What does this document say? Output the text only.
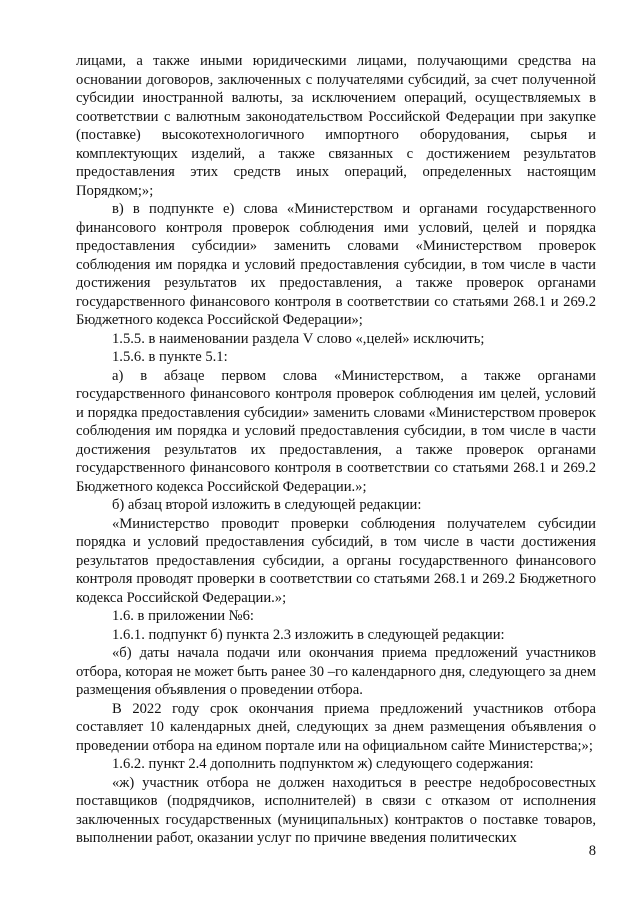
лицами, а также иными юридическими лицами, получающими средства на основании договоров, заключенных с получателями субсидий, за счет полученной субсидии иностранной валюты, за исключением операций, осуществляемых в соответствии с валютным законодательством Российской Федерации при закупке (поставке) высокотехнологичного импортного оборудования, сырья и комплектующих изделий, а также связанных с достижением результатов предоставления этих средств иных операций, определенных настоящим Порядком;»;

в) в подпункте е) слова «Министерством и органами государственного финансового контроля проверок соблюдения ими условий, целей и порядка предоставления субсидии» заменить словами «Министерством проверок соблюдения им порядка и условий предоставления субсидии, в том числе в части достижения результатов их предоставления, а также проверок органами государственного финансового контроля в соответствии со статьями 268.1 и 269.2 Бюджетного кодекса Российской Федерации»;

1.5.5. в наименовании раздела V слово «,целей» исключить;

1.5.6. в пункте 5.1:

а) в абзаце первом слова «Министерством, а также органами государственного финансового контроля проверок соблюдения им целей, условий и порядка предоставления субсидии» заменить словами «Министерством проверок соблюдения им порядка и условий предоставления субсидии, в том числе в части достижения результатов их предоставления, а также проверок органами государственного финансового контроля в соответствии со статьями 268.1 и 269.2 Бюджетного кодекса Российской Федерации.»;

б) абзац второй изложить в следующей редакции:

«Министерство проводит проверки соблюдения получателем субсидии порядка и условий предоставления субсидий, в том числе в части достижения результатов предоставления субсидии, а органы государственного финансового контроля проводят проверки в соответствии со статьями 268.1 и 269.2 Бюджетного кодекса Российской Федерации.»;

1.6. в приложении №6:

1.6.1. подпункт б) пункта 2.3 изложить в следующей редакции:

«б) даты начала подачи или окончания приема предложений участников отбора, которая не может быть ранее 30 –го календарного дня, следующего за днем размещения объявления о проведении отбора.

В 2022 году срок окончания приема предложений участников отбора составляет 10 календарных дней, следующих за днем размещения объявления о проведении отбора на едином портале или на официальном сайте Министерства;»;

1.6.2. пункт 2.4 дополнить подпунктом ж) следующего содержания:

«ж) участник отбора не должен находиться в реестре недобросовестных поставщиков (подрядчиков, исполнителей) в связи с отказом от исполнения заключенных государственных (муниципальных) контрактов о поставке товаров, выполнении работ, оказании услуг по причине введения политических

8
